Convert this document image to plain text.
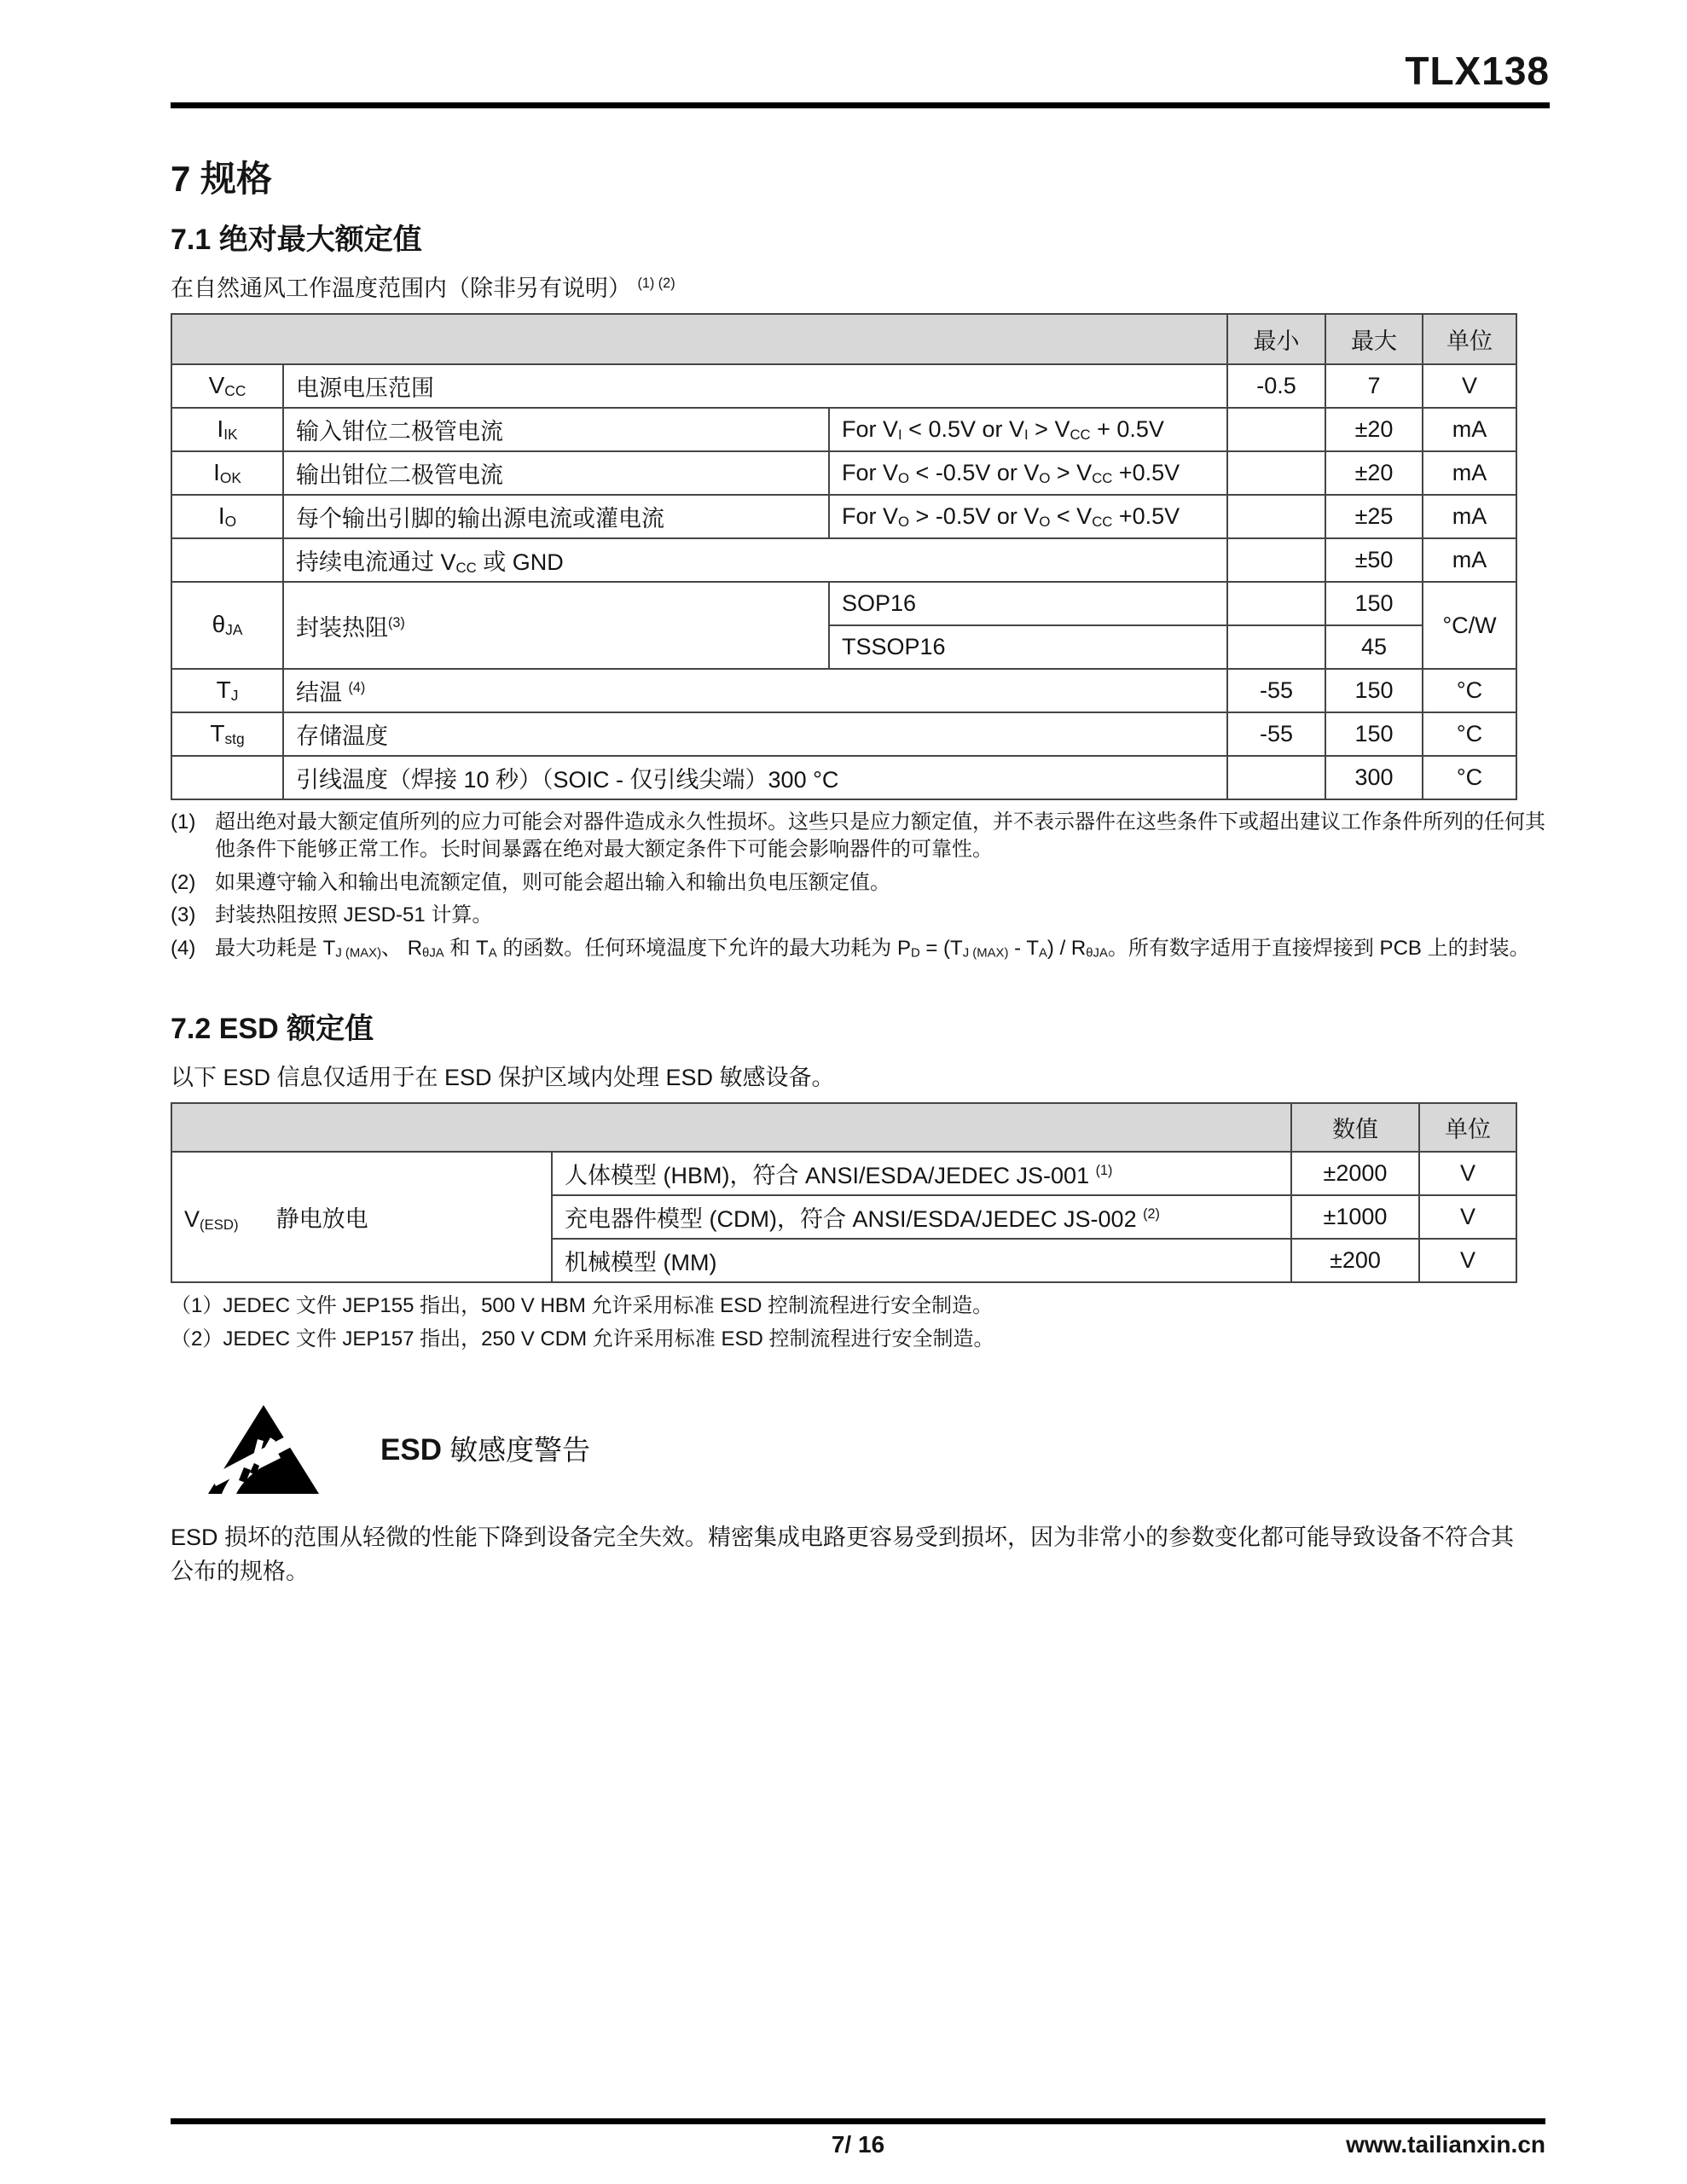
TLX138
7 规格
7.1 绝对最大额定值
在自然通风工作温度范围内（除非另有说明） $^{(1) (2)}$
			最小	最大	单位
$V_{CC}$	电源电压范围		-0.5	7	V
$I_{IK}$	输入钳位二极管电流	For $V_I < 0.5V$ or $V_I > V_{CC} + 0.5V$		±20	mA
$I_{OK}$	输出钳位二极管电流	For $V_O < -0.5V$ or $V_O > V_{CC} +0.5V$		±20	mA
$I_O$	每个输出引脚的输出源电流或灌电流	For $V_O > -0.5V$ or $V_O < V_{CC} +0.5V$		±25	mA
	持续电流通过 $V_{CC}$ 或 GND			±50	mA
$\theta_{JA}$	封装热阻$^{(3)}$	SOP16		150	°C/W
		TSSOP16		45	
$T_J$	结温 $^{(4)}$		-55	150	°C
$T_{stg}$	存储温度		-55	150	°C
	引线温度（焊接 10 秒）（SOIC - 仅引线尖端）300 °C			300	°C
(1) 超出绝对最大额定值所列的应力可能会对器件造成永久性损坏。这些只是应力额定值，并不表示器件在这些条件下或超出建议工作条件所列的任何其他条件下能够正常工作。长时间暴露在绝对最大额定条件下可能会影响器件的可靠性。
(2) 如果遵守输入和输出电流额定值，则可能会超出输入和输出负电压额定值。
(3) 封装热阻按照 JESD-51 计算。
(4) 最大功耗是 $T_{J (MAX)}$、 $R_{\theta JA}$ 和 $T_A$ 的函数。任何环境温度下允许的最大功耗为 $P_D = (T_{J (MAX)} - T_A) / R_{\theta JA}$。所有数字适用于直接焊接到 PCB 上的封装。
7.2 ESD 额定值
以下 ESD 信息仅适用于在 ESD 保护区域内处理 ESD 敏感设备。
		数值	单位
$V_{(ESD)}$ 静电放电	人体模型 (HBM)，符合 ANSI/ESDA/JEDEC JS-001 $^{(1)}$	±2000	V
	充电器件模型 (CDM)，符合 ANSI/ESDA/JEDEC JS-002 $^{(2)}$	±1000	V
	机械模型 (MM)	±200	V
（1）JEDEC 文件 JEP155 指出，500 V HBM 允许采用标准 ESD 控制流程进行安全制造。
（2）JEDEC 文件 JEP157 指出，250 V CDM 允许采用标准 ESD 控制流程进行安全制造。
ESD 敏感度警告
ESD 损坏的范围从轻微的性能下降到设备完全失效。精密集成电路更容易受到损坏，因为非常小的参数变化都可能导致设备不符合其公布的规格。
7/ 16	www.tailianxin.cn
